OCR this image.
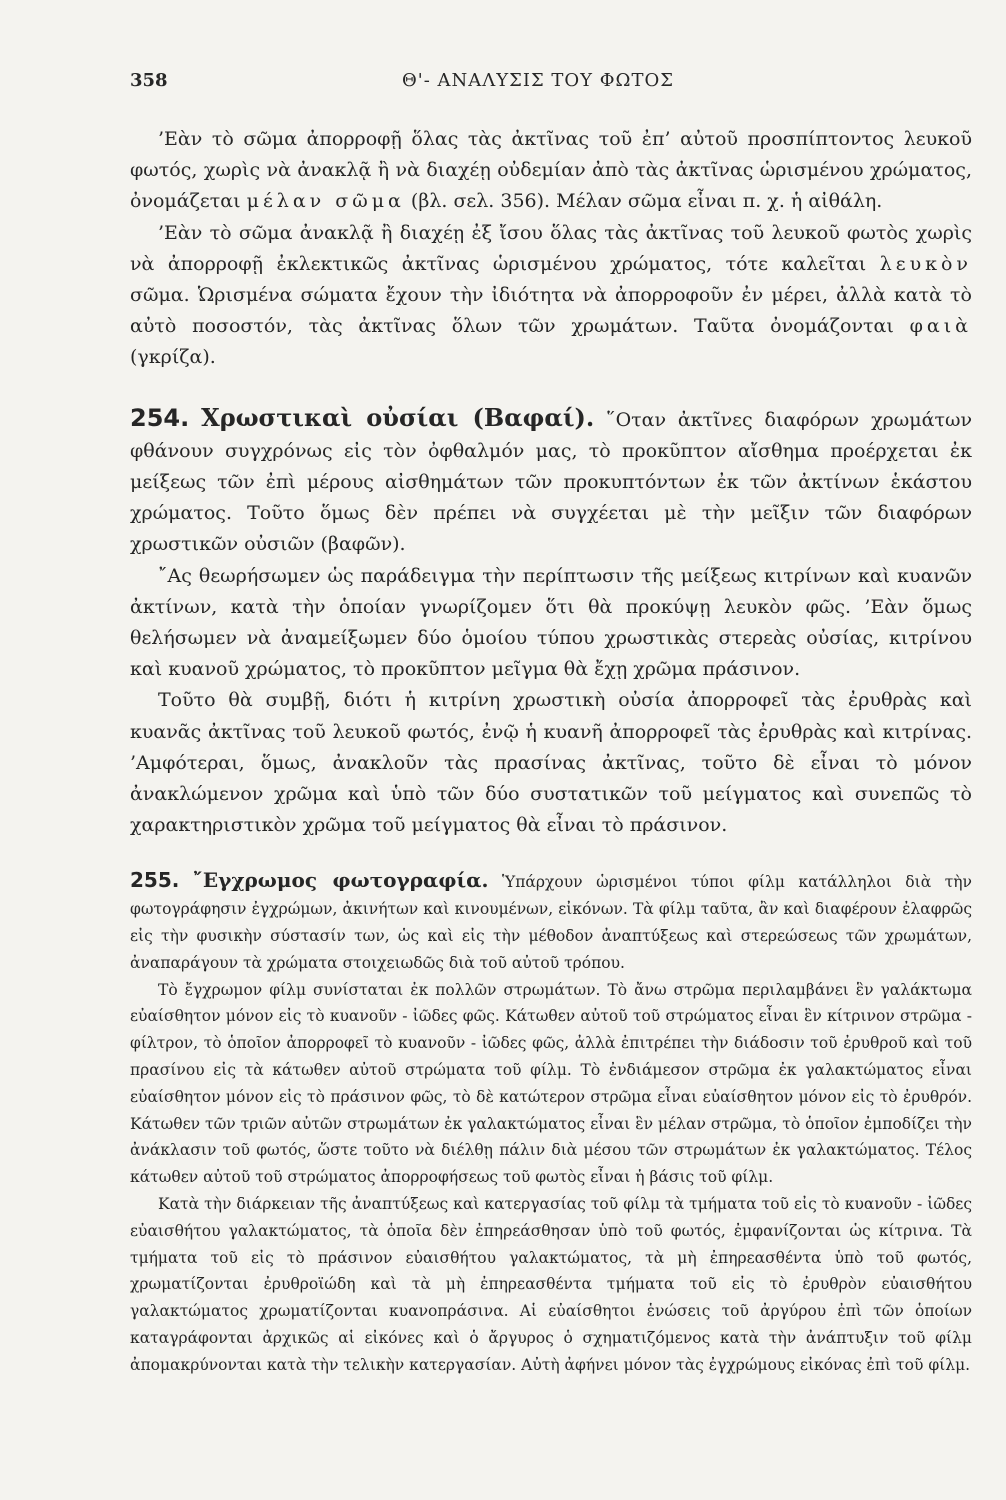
358	Θ'- ΑΝΑΛΥΣΙΣ ΤΟΥ ΦΩΤΟΣ

’Εὰν τὸ σῶμα ἀπορροφῇ ὅλας τὰς ἀκτῖνας τοῦ ἐπ’ αὐτοῦ προσπίπτοντος λευκοῦ φωτός, χωρὶς νὰ ἀνακλᾷ ἢ νὰ διαχέῃ οὐδεμίαν ἀπὸ τὰς ἀκτῖνας ὡρισμένου χρώματος, ὀνομάζεται μέλαν σῶμα (βλ. σελ. 356). Μέλαν σῶμα εἶναι π. χ. ἡ αἰθάλη.

’Εὰν τὸ σῶμα ἀνακλᾷ ἢ διαχέῃ ἐξ ἴσου ὅλας τὰς ἀκτῖνας τοῦ λευκοῦ φωτὸς χωρὶς νὰ ἀπορροφῇ ἐκλεκτικῶς ἀκτῖνας ὡρισμένου χρώματος, τότε καλεῖται λευκὸν σῶμα. Ὡρισμένα σώματα ἔχουν τὴν ἰδιότητα νὰ ἀπορροφοῦν ἐν μέρει, ἀλλὰ κατὰ τὸ αὐτὸ ποσοστόν, τὰς ἀκτῖνας ὅλων τῶν χρωμάτων. Ταῦτα ὀνομάζονται φαιὰ (γκρίζα).

254. Χρωστικαὶ οὐσίαι (Βαφαί). ῞Οταν ἀκτῖνες διαφόρων χρωμάτων φθάνουν συγχρόνως εἰς τὸν ὀφθαλμόν μας, τὸ προκῦπτον αἴσθημα προέρχεται ἐκ μείξεως τῶν ἐπὶ μέρους αἰσθημάτων τῶν προκυπτόντων ἐκ τῶν ἀκτίνων ἑκάστου χρώματος. Τοῦτο ὅμως δὲν πρέπει νὰ συγχέεται μὲ τὴν μεῖξιν τῶν διαφόρων χρωστικῶν οὐσιῶν (βαφῶν).

῎Ας θεωρήσωμεν ὡς παράδειγμα τὴν περίπτωσιν τῆς μείξεως κιτρίνων καὶ κυανῶν ἀκτίνων, κατὰ τὴν ὁποίαν γνωρίζομεν ὅτι θὰ προκύψῃ λευκὸν φῶς. ’Εὰν ὅμως θελήσωμεν νὰ ἀναμείξωμεν δύο ὁμοίου τύπου χρωστικὰς στερεὰς οὐσίας, κιτρίνου καὶ κυανοῦ χρώματος, τὸ προκῦπτον μεῖγμα θὰ ἔχῃ χρῶμα πράσινον.

Τοῦτο θὰ συμβῇ, διότι ἡ κιτρίνη χρωστικὴ οὐσία ἀπορροφεῖ τὰς ἐρυθρὰς καὶ κυανᾶς ἀκτῖνας τοῦ λευκοῦ φωτός, ἐνῷ ἡ κυανῆ ἀπορροφεῖ τὰς ἐρυθρὰς καὶ κιτρίνας. ’Αμφότεραι, ὅμως, ἀνακλοῦν τὰς πρασίνας ἀκτῖνας, τοῦτο δὲ εἶναι τὸ μόνον ἀνακλώμενον χρῶμα καὶ ὑπὸ τῶν δύο συστατικῶν τοῦ μείγματος καὶ συνεπῶς τὸ χαρακτηριστικὸν χρῶμα τοῦ μείγματος θὰ εἶναι τὸ πράσινον.

255. ῎Εγχρωμος φωτογραφία. Ὑπάρχουν ὡρισμένοι τύποι φίλμ κατάλληλοι διὰ τὴν φωτογράφησιν ἐγχρώμων, ἀκινήτων καὶ κινουμένων, εἰκόνων. Τὰ φίλμ ταῦτα, ἂν καὶ διαφέρουν ἐλαφρῶς εἰς τὴν φυσικὴν σύστασίν των, ὡς καὶ εἰς τὴν μέθοδον ἀναπτύξεως καὶ στερεώσεως τῶν χρωμάτων, ἀναπαράγουν τὰ χρώματα στοιχειωδῶς διὰ τοῦ αὐτοῦ τρόπου.

Τὸ ἔγχρωμον φίλμ συνίσταται ἐκ πολλῶν στρωμάτων. Τὸ ἄνω στρῶμα περιλαμβάνει ἓν γαλάκτωμα εὐαίσθητον μόνον εἰς τὸ κυανοῦν - ἰῶδες φῶς. Κάτωθεν αὐτοῦ τοῦ στρώματος εἶναι ἓν κίτρινον στρῶμα - φίλτρον, τὸ ὁποῖον ἀπορροφεῖ τὸ κυανοῦν - ἰῶδες φῶς, ἀλλὰ ἐπιτρέπει τὴν διάδοσιν τοῦ ἐρυθροῦ καὶ τοῦ πρασίνου εἰς τὰ κάτωθεν αὐτοῦ στρώματα τοῦ φίλμ. Τὸ ἐνδιάμεσον στρῶμα ἐκ γαλακτώματος εἶναι εὐαίσθητον μόνον εἰς τὸ πράσινον φῶς, τὸ δὲ κατώτερον στρῶμα εἶναι εὐαίσθητον μόνον εἰς τὸ ἐρυθρόν. Κάτωθεν τῶν τριῶν αὐτῶν στρωμάτων ἐκ γαλακτώματος εἶναι ἓν μέλαν στρῶμα, τὸ ὁποῖον ἐμποδίζει τὴν ἀνάκλασιν τοῦ φωτός, ὥστε τοῦτο νὰ διέλθῃ πάλιν διὰ μέσου τῶν στρωμάτων ἐκ γαλακτώματος. Τέλος κάτωθεν αὐτοῦ τοῦ στρώματος ἀπορροφήσεως τοῦ φωτὸς εἶναι ἡ βάσις τοῦ φίλμ.

Κατὰ τὴν διάρκειαν τῆς ἀναπτύξεως καὶ κατεργασίας τοῦ φίλμ τὰ τμήματα τοῦ εἰς τὸ κυανοῦν - ἰῶδες εὐαισθήτου γαλακτώματος, τὰ ὁποῖα δὲν ἐπηρεάσθησαν ὑπὸ τοῦ φωτός, ἐμφανίζονται ὡς κίτρινα. Τὰ τμήματα τοῦ εἰς τὸ πράσινον εὐαισθήτου γαλακτώματος, τὰ μὴ ἐπηρεασθέντα ὑπὸ τοῦ φωτός, χρωματίζονται ἐρυθροϊώδη καὶ τὰ μὴ ἐπηρεασθέντα τμήματα τοῦ εἰς τὸ ἐρυθρὸν εὐαισθήτου γαλακτώματος χρωματίζονται κυανοπράσινα. Αἱ εὐαίσθητοι ἑνώσεις τοῦ ἀργύρου ἐπὶ τῶν ὁποίων καταγράφονται ἀρχικῶς αἱ εἰκόνες καὶ ὁ ἄργυρος ὁ σχηματιζόμενος κατὰ τὴν ἀνάπτυξιν τοῦ φίλμ ἀπομακρύνονται κατὰ τὴν τελικὴν κατεργασίαν. Αὐτὴ ἀφήνει μόνον τὰς ἐγχρώμους εἰκόνας ἐπὶ τοῦ φίλμ.
